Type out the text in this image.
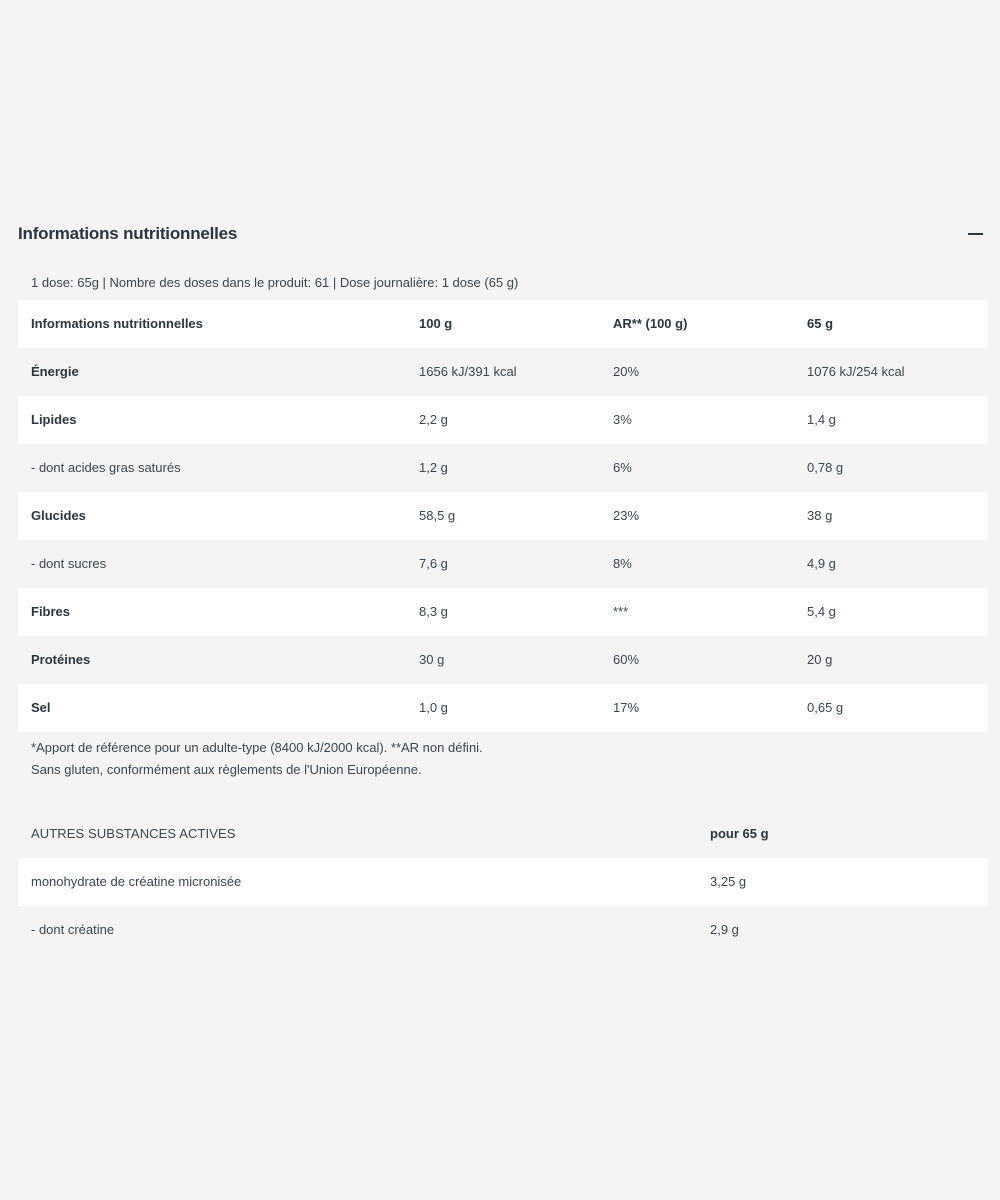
Informations nutritionnelles
1 dose: 65g | Nombre des doses dans le produit: 61 | Dose journalière: 1 dose (65 g)
Informations nutritionnelles	100 g	AR** (100 g)	65 g
Énergie	1656 kJ/391 kcal	20%	1076 kJ/254 kcal
Lipides	2,2 g	3%	1,4 g
- dont acides gras saturés	1,2 g	6%	0,78 g
Glucides	58,5 g	23%	38 g
- dont sucres	7,6 g	8%	4,9 g
Fibres	8,3 g	***	5,4 g
Protéines	30 g	60%	20 g
Sel	1,0 g	17%	0,65 g
*Apport de référence pour un adulte-type (8400 kJ/2000 kcal). **AR non défini.
Sans gluten, conformément aux règlements de l'Union Européenne.
AUTRES SUBSTANCES ACTIVES	pour 65 g
monohydrate de créatine micronisée	3,25 g
- dont créatine	2,9 g
